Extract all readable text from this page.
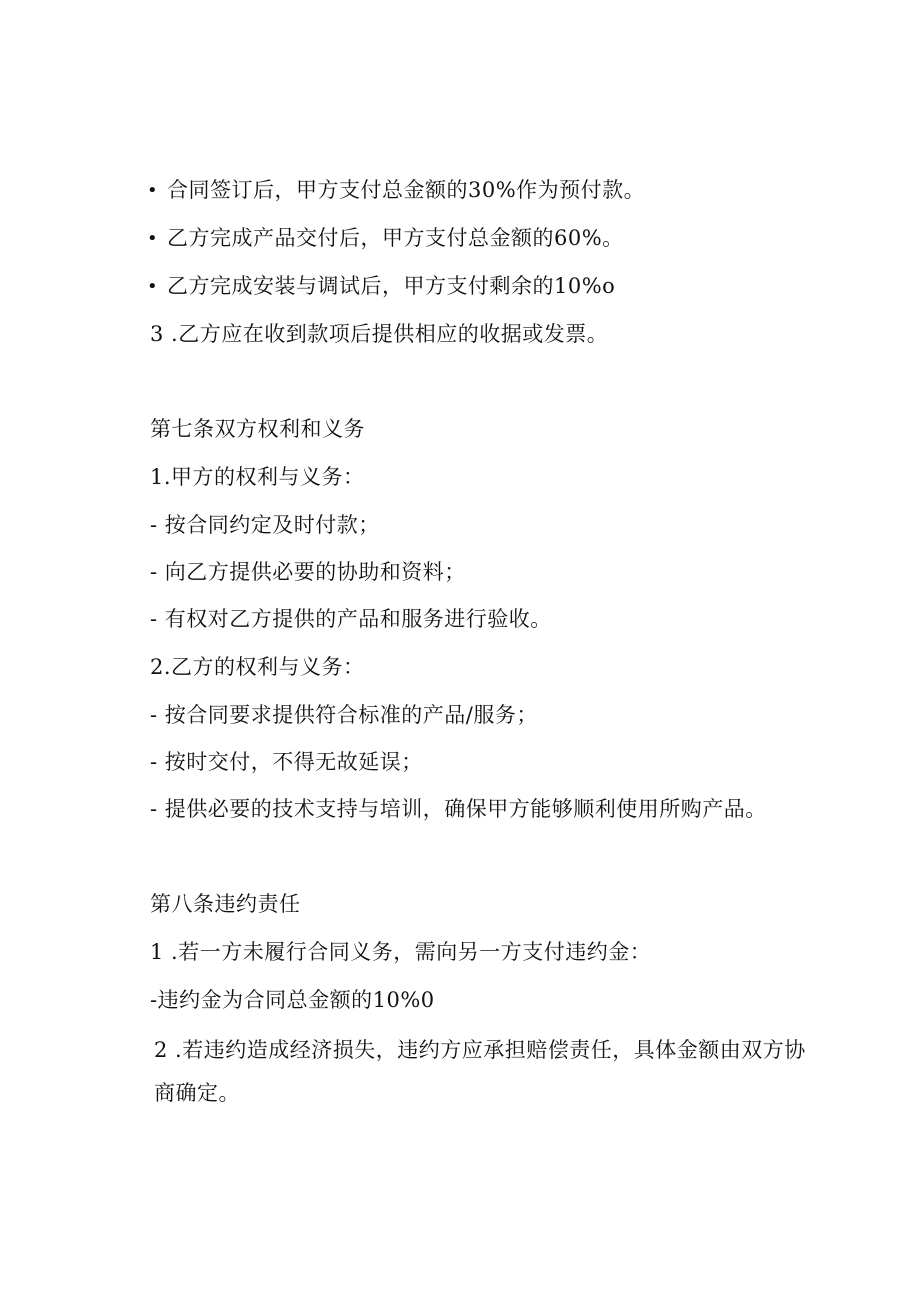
• 合同签订后，甲方支付总金额的30%作为预付款。
• 乙方完成产品交付后，甲方支付总金额的60%。
• 乙方完成安装与调试后，甲方支付剩余的10%o
3 .乙方应在收到款项后提供相应的收据或发票。
第七条双方权利和义务
1.甲方的权利与义务：
- 按合同约定及时付款；
- 向乙方提供必要的协助和资料；
- 有权对乙方提供的产品和服务进行验收。
2.乙方的权利与义务：
- 按合同要求提供符合标准的产品/服务；
- 按时交付，不得无故延误；
- 提供必要的技术支持与培训，确保甲方能够顺利使用所购产品。
第八条违约责任
1 .若一方未履行合同义务，需向另一方支付违约金：
-违约金为合同总金额的10%0
2 .若违约造成经济损失，违约方应承担赔偿责任，具体金额由双方协商确定。
